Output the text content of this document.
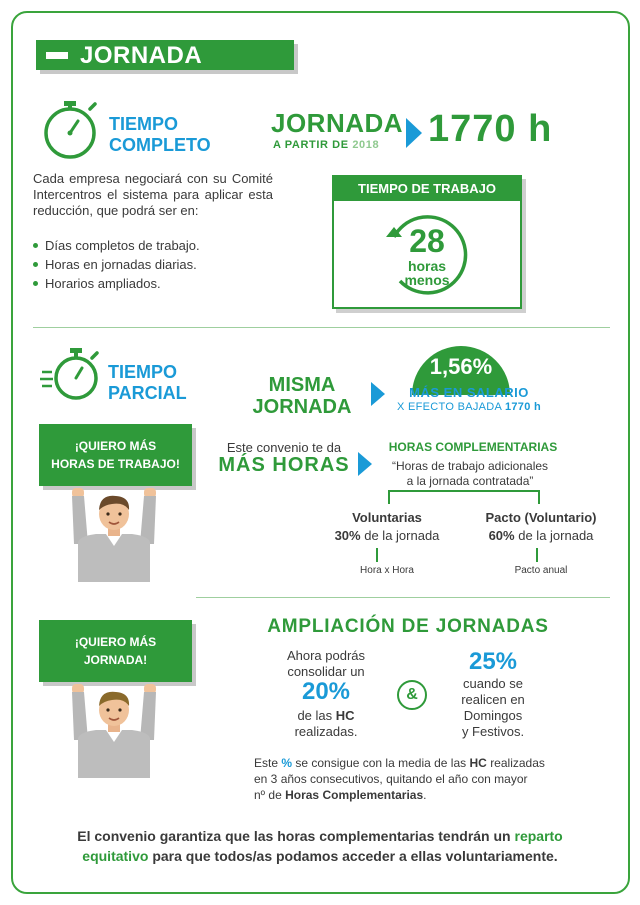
JORNADA
TIEMPO
COMPLETO
JORNADA
A PARTIR DE 2018 1770 h
Cada empresa negociará con su Comité Intercentros el sistema para aplicar esta reducción, que podrá ser en:
Días completos de trabajo.
Horas en jornadas diarias.
Horarios ampliados.
TIEMPO DE TRABAJO
28
horas
menos
TIEMPO
PARCIAL	MISMA
JORNADA
1,56%
MÁS EN SALARIO
X EFECTO BAJADA 1770 h
¡QUIERO MÁS
HORAS DE TRABAJO!
Este convenio te da
MÁS HORAS
HORAS COMPLEMENTARIAS
“Horas de trabajo adicionales
a la jornada contratada”
Voluntarias
30% de la jornada
Hora x Hora
Pacto (Voluntario)
60% de la jornada
Pacto anual
¡QUIERO MÁS
JORNADA!
AMPLIACIÓN DE JORNADAS
Ahora podrás
consolidar un
20%
de las HC
realizadas.
&
25%
cuando se
realicen en
Domingos
y Festivos.
Este % se consigue con la media de las HC realizadas
en 3 años consecutivos, quitando el año con mayor
nº de Horas Complementarias.
El convenio garantiza que las horas complementarias tendrán un reparto
equitativo para que todos/as podamos acceder a ellas voluntariamente.
